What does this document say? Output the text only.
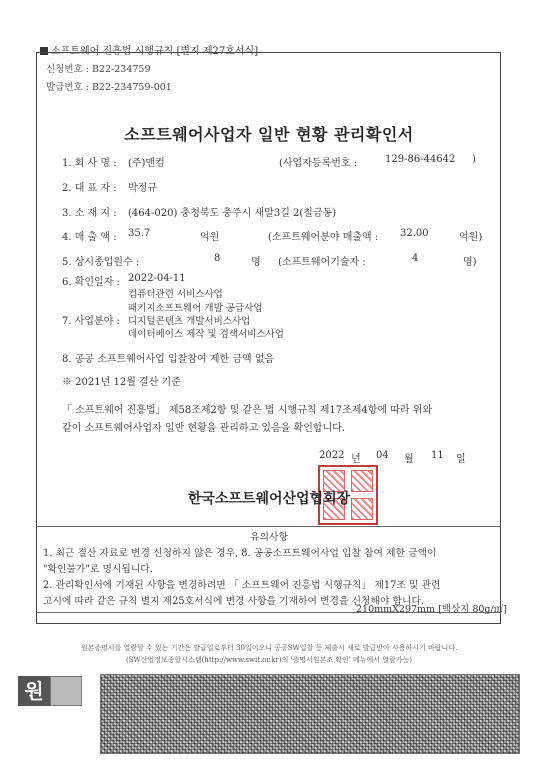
소프트웨어 진흥법 시행규칙 [별지 제27호서식]
신청번호 : B22-234759
발급번호 : B22-234759-001
소프트웨어사업자 일반 현황 관리확인서
1. 회 사 명 : (주)맨컴	(사업자등록번호 :	129-86-44642 )
2. 대 표 자 : 박정규
3. 소 재 지 : (464-020) 충청북도 충주시 새말3길 2(칠금동)
4. 매 출 액 : 35.7	억원	(소프트웨어분야 매출액 : 32.00	억원)
5. 상시종업원수 :	8	명 (소프트웨어기술자 :	4	명)
6. 확인일자 : 2022-04-11
컴퓨터관련 서비스사업
패키지소프트웨어 개발 공급사업
7. 사업분야 : 디지털콘텐츠 개발서비스사업
데이터베이스 제작 및 검색서비스사업
8. 공공 소프트웨어사업 입찰참여 제한 금액 없음
※ 2021년 12월 결산 기준
「 소프트웨어 진흥법」 제58조제2항 및 같은 법 시행규칙 제17조제4항에 따라 위와
같이 소프트웨어사업자 일반 현황을 관리하고 있음을 확인합니다.
2022 년 04 월 11 일
한국소프트웨어산업협회장
유의사항
1. 최근 결산 자료로 변경 신청하지 않은 경우, 8. 공공소프트웨어사업 입찰 참여 제한 금액이
"확인불가"로 명시됩니다.
2. 관리확인서에 기재된 사항을 변경하려면 「 소프트웨어 진흥법 시행규칙」 제17조 및 관련
고시에 따라 같은 규칙 별지 제25호서식에 변경 사항을 기재하여 변경을 신청해야 합니다.
210mmX297mm [백상지 80g/㎡]
원본증명서를 열람할 수 있는 기간은 발급일로부터 30일이오니 공공SW입찰 등 제출시 새로 발급받아 사용하시기 바랍니다.
(SW산업정보종합시스템(http://www.swit.or.kr)의 '증명서원본조 확인' 메뉴에서 열람가능)
원
